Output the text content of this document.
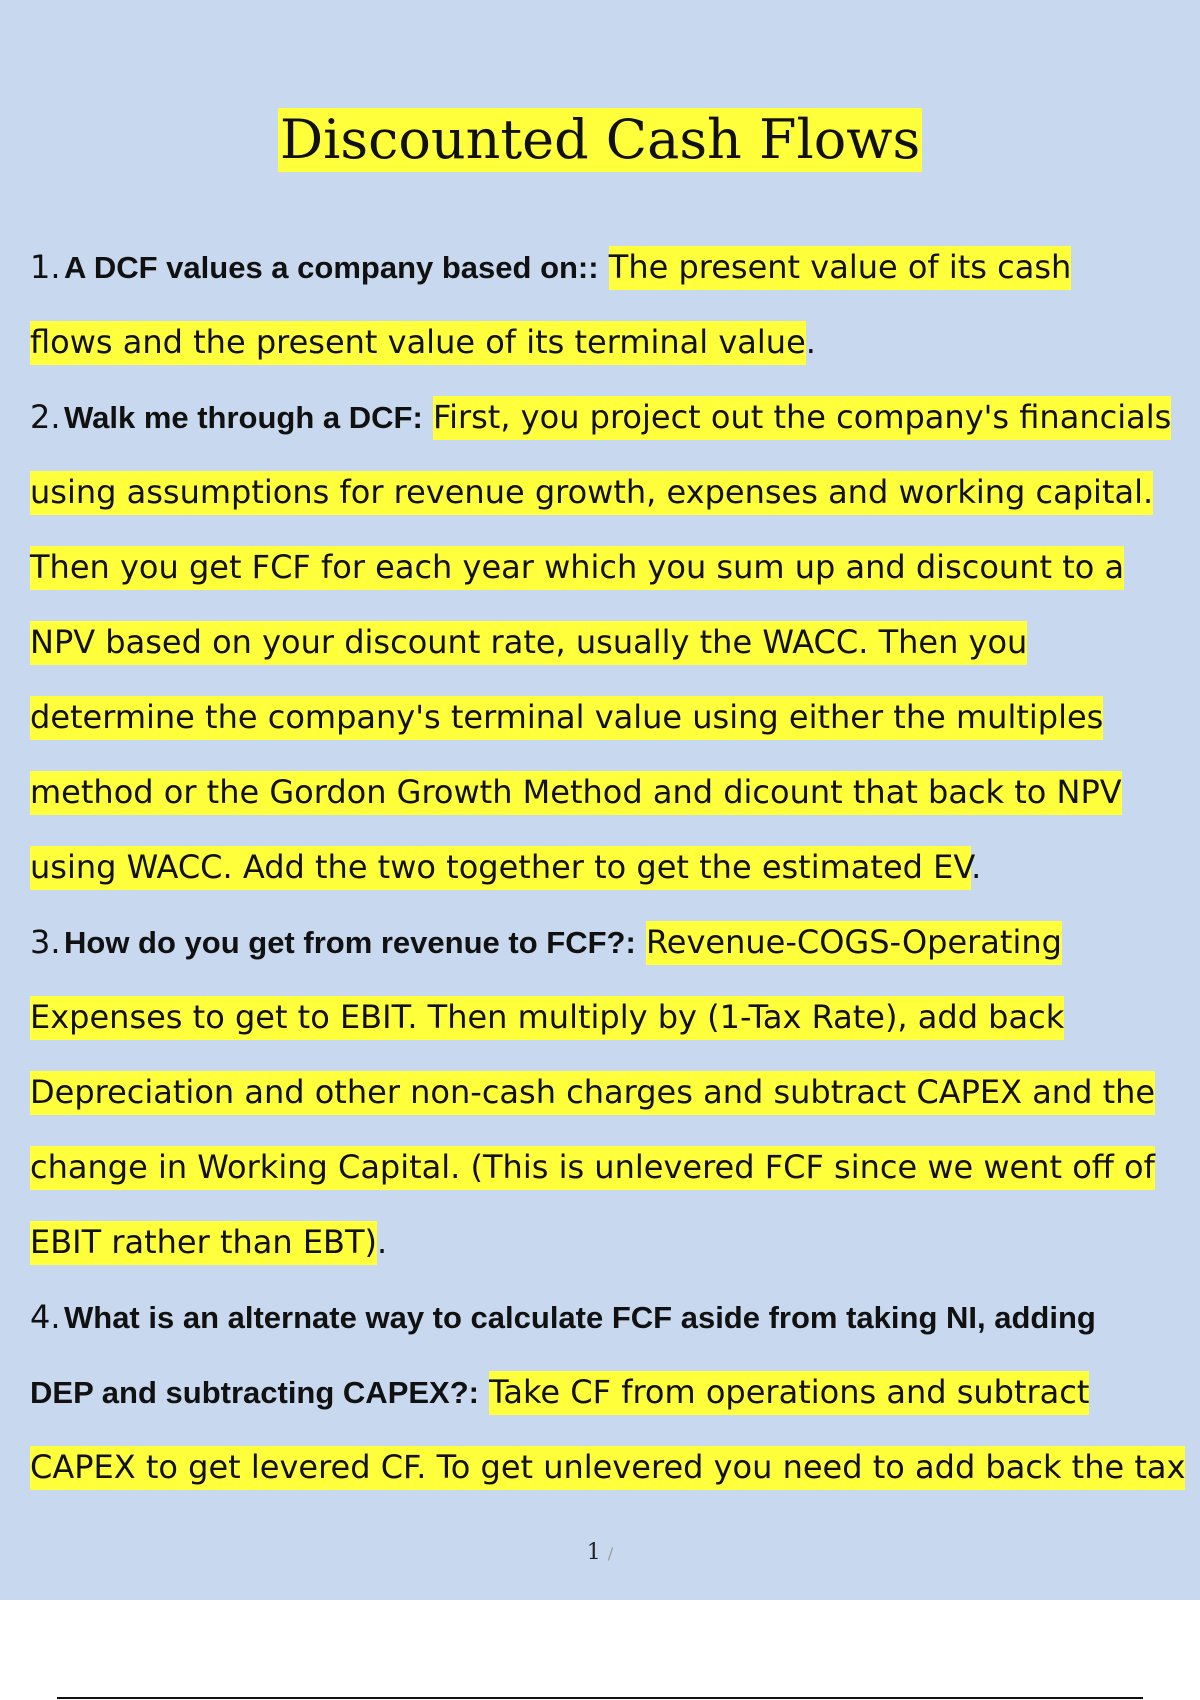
Discounted Cash Flows
1. A DCF values a company based on:: The present value of its cash
flows and the present value of its terminal value.
2. Walk me through a DCF: First, you project out the company's financials
using assumptions for revenue growth, expenses and working capital.
Then you get FCF for each year which you sum up and discount to a
NPV based on your discount rate, usually the WACC. Then you
determine the company's terminal value using either the multiples
method or the Gordon Growth Method and dicount that back to NPV
using WACC. Add the two together to get the estimated EV.
3. How do you get from revenue to FCF?: Revenue-COGS-Operating
Expenses to get to EBIT. Then multiply by (1-Tax Rate), add back
Depreciation and other non-cash charges and subtract CAPEX and the
change in Working Capital. (This is unlevered FCF since we went off of
EBIT rather than EBT).
4. What is an alternate way to calculate FCF aside from taking NI, adding
DEP and subtracting CAPEX?: Take CF from operations and subtract
CAPEX to get levered CF. To get unlevered you need to add back the tax
1 /
